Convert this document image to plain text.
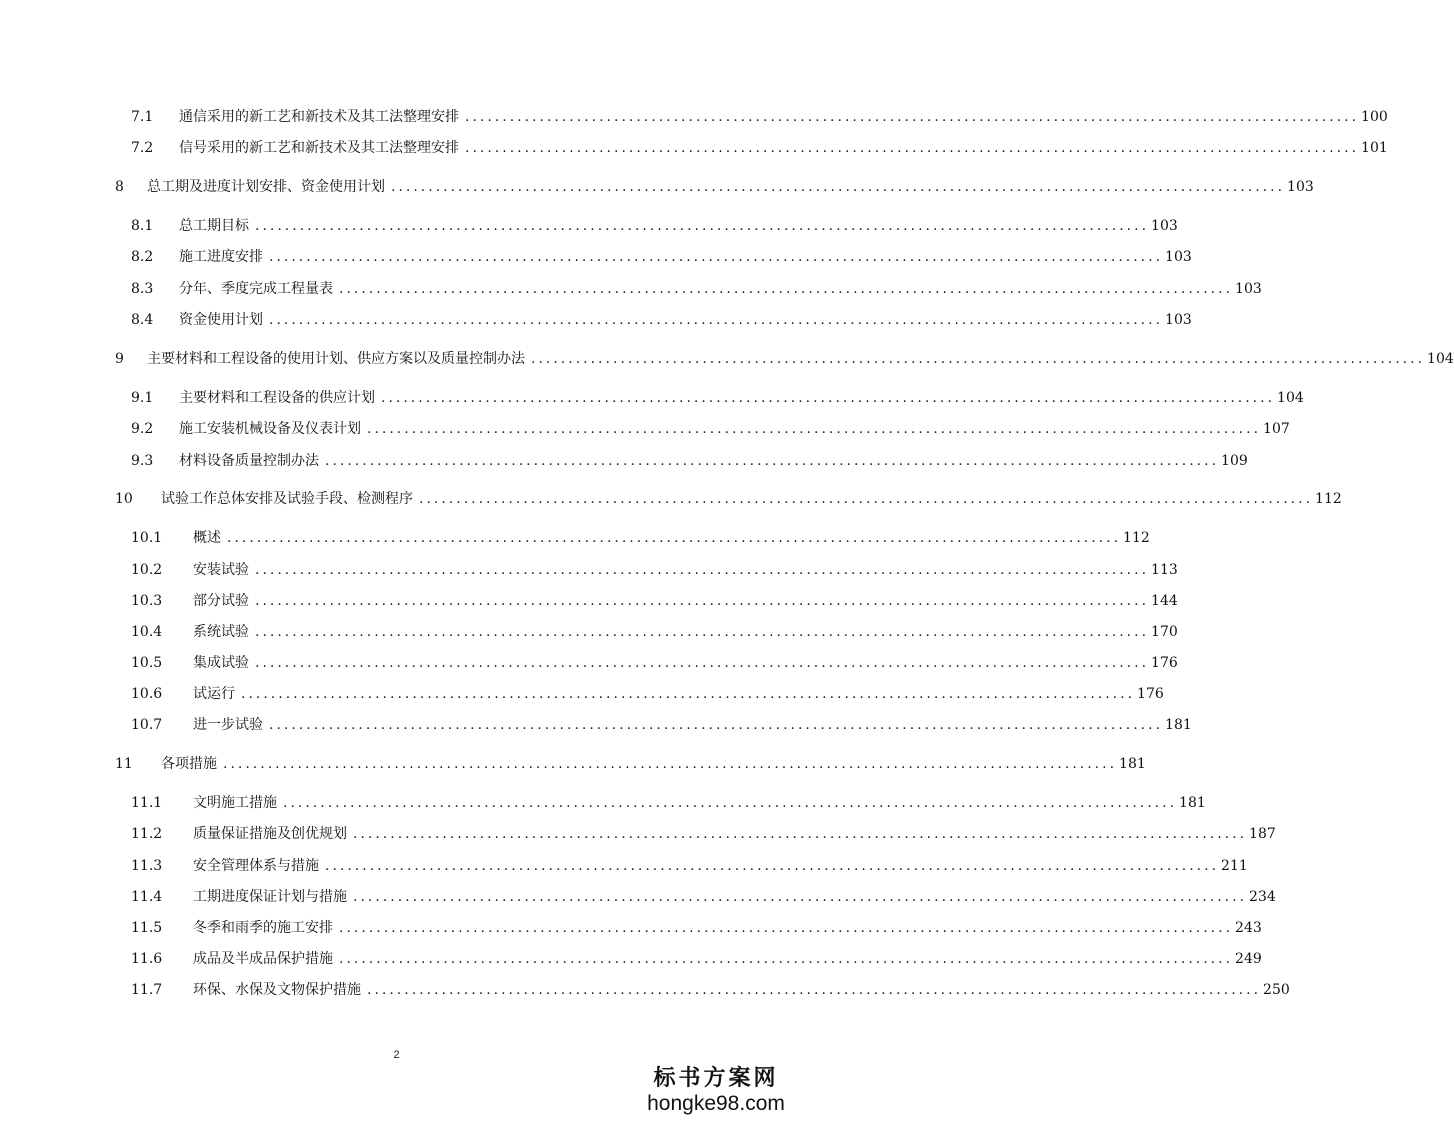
7.1	通信采用的新工艺和新技术及其工法整理安排 ........................................................................................................................ 100
7.2	信号采用的新工艺和新技术及其工法整理安排 ........................................................................................................................ 101
8	总工期及进度计划安排、资金使用计划 ........................................................................................................................ 103
8.1	总工期目标 ........................................................................................................................ 103
8.2	施工进度安排 ........................................................................................................................ 103
8.3	分年、季度完成工程量表 ........................................................................................................................ 103
8.4	资金使用计划 ........................................................................................................................ 103
9	主要材料和工程设备的使用计划、供应方案以及质量控制办法 ........................................................................................................................ 104
9.1	主要材料和工程设备的供应计划 ........................................................................................................................ 104
9.2	施工安装机械设备及仪表计划 ........................................................................................................................ 107
9.3	材料设备质量控制办法 ........................................................................................................................ 109
10	试验工作总体安排及试验手段、检测程序 ........................................................................................................................ 112
10.1	概述 ........................................................................................................................ 112
10.2	安装试验 ........................................................................................................................ 113
10.3	部分试验 ........................................................................................................................ 144
10.4	系统试验 ........................................................................................................................ 170
10.5	集成试验 ........................................................................................................................ 176
10.6	试运行 ........................................................................................................................ 176
10.7	进一步试验 ........................................................................................................................ 181
11	各项措施 ........................................................................................................................ 181
11.1	文明施工措施 ........................................................................................................................ 181
11.2	质量保证措施及创优规划 ........................................................................................................................ 187
11.3	安全管理体系与措施 ........................................................................................................................ 211
11.4	工期进度保证计划与措施 ........................................................................................................................ 234
11.5	冬季和雨季的施工安排 ........................................................................................................................ 243
11.6	成品及半成品保护措施 ........................................................................................................................ 249
11.7	环保、水保及文物保护措施 ........................................................................................................................ 250
2
标书方案网
hongke98.com
